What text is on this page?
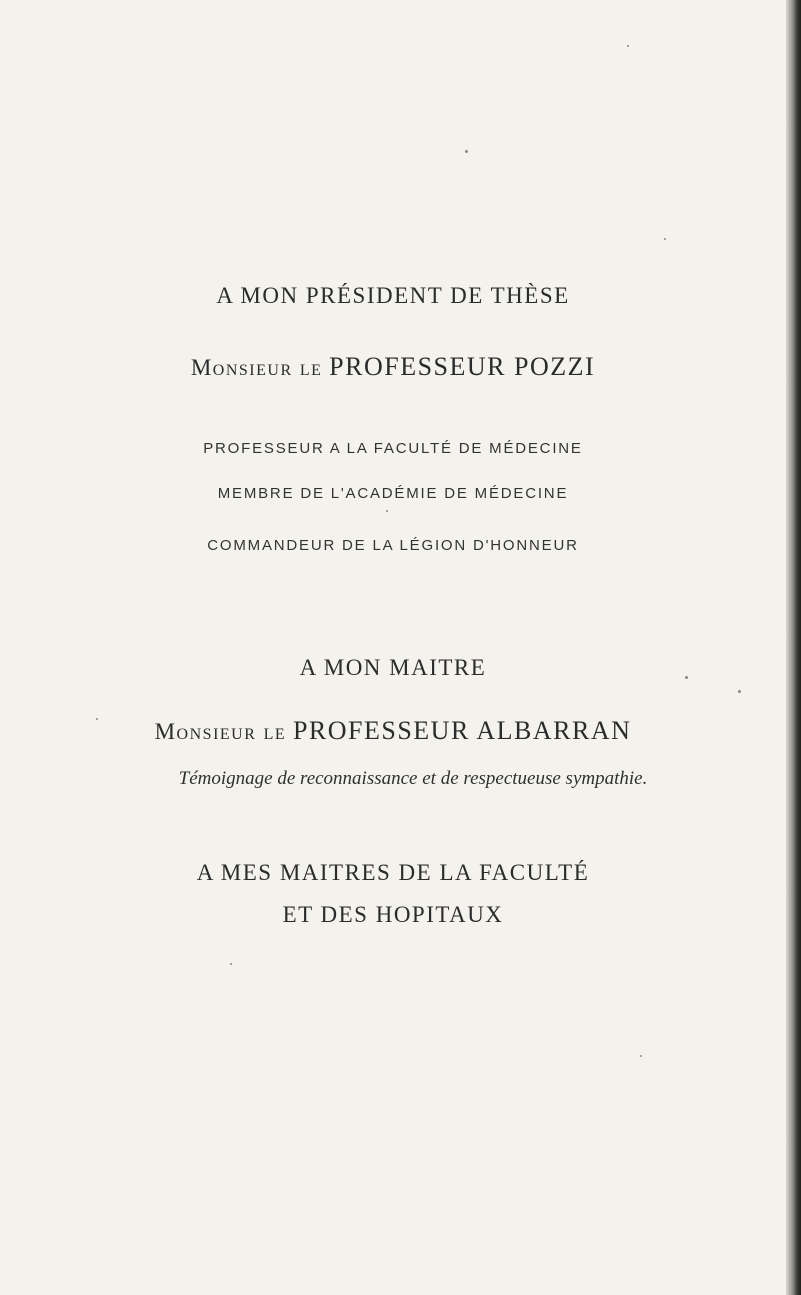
A MON PRÉSIDENT DE THÈSE
Monsieur le PROFESSEUR POZZI
PROFESSEUR A LA FACULTÉ DE MÉDECINE
MEMBRE DE L'ACADÉMIE DE MÉDECINE
COMMANDEUR DE LA LÉGION D'HONNEUR
A MON MAITRE
Monsieur le PROFESSEUR ALBARRAN
Témoignage de reconnaissance et de respectueuse sympathie.
A MES MAITRES DE LA FACULTÉ
ET DES HOPITAUX
